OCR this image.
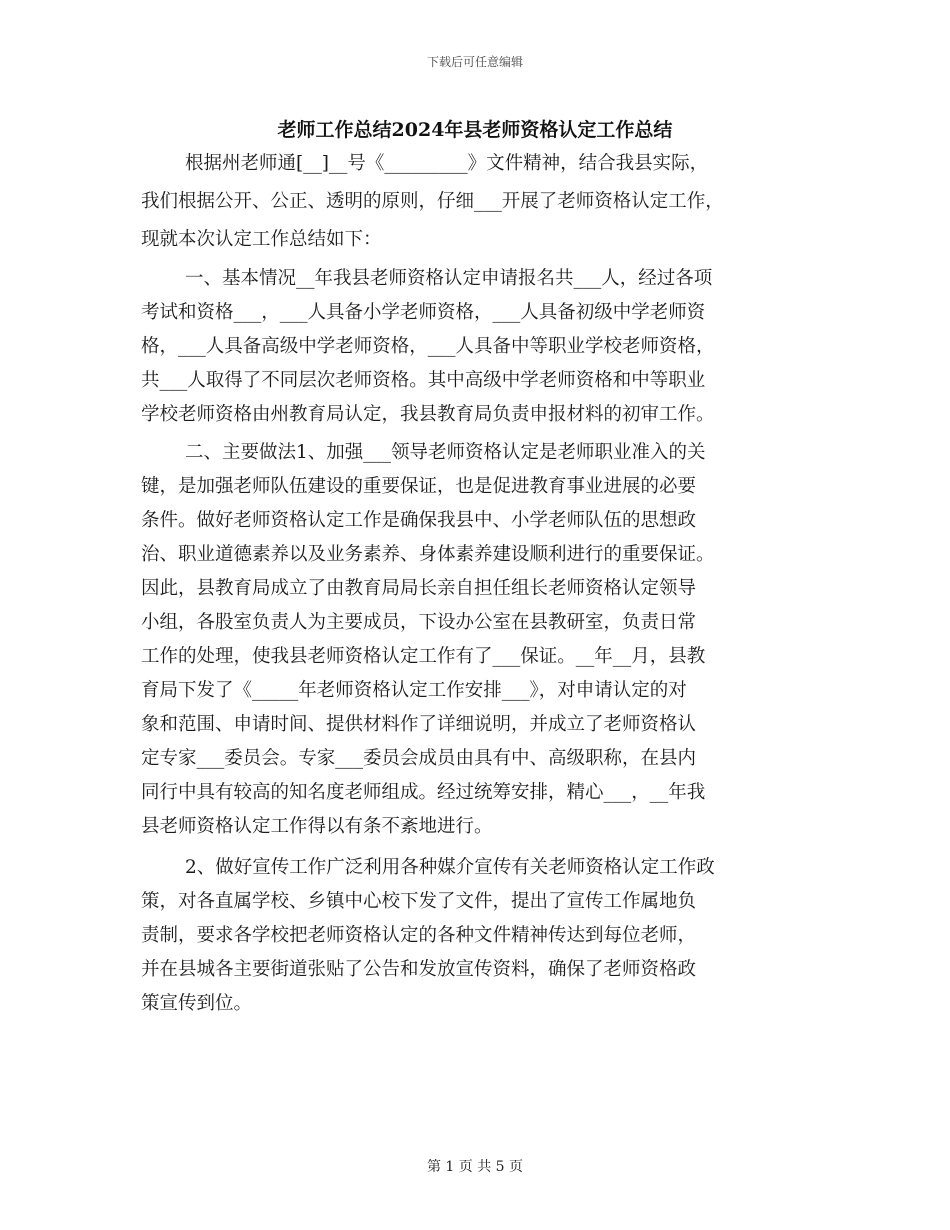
下载后可任意编辑
老师工作总结2024年县老师资格认定工作总结
根据州老师通[__]__号《_________》文件精神，结合我县实际，
我们根据公开、公正、透明的原则，仔细___开展了老师资格认定工作，
现就本次认定工作总结如下：
一、基本情况__年我县老师资格认定申请报名共___人，经过各项
考试和资格___，___人具备小学老师资格，___人具备初级中学老师资
格，___人具备高级中学老师资格，___人具备中等职业学校老师资格，
共___人取得了不同层次老师资格。其中高级中学老师资格和中等职业
学校老师资格由州教育局认定，我县教育局负责申报材料的初审工作。
二、主要做法1、加强___领导老师资格认定是老师职业准入的关
键，是加强老师队伍建设的重要保证，也是促进教育事业进展的必要
条件。做好老师资格认定工作是确保我县中、小学老师队伍的思想政
治、职业道德素养以及业务素养、身体素养建设顺利进行的重要保证。
因此，县教育局成立了由教育局局长亲自担任组长老师资格认定领导
小组，各股室负责人为主要成员，下设办公室在县教研室，负责日常
工作的处理，使我县老师资格认定工作有了___保证。__年__月，县教
育局下发了《_____年老师资格认定工作安排___》，对申请认定的对
象和范围、申请时间、提供材料作了详细说明，并成立了老师资格认
定专家___委员会。专家___委员会成员由具有中、高级职称，在县内
同行中具有较高的知名度老师组成。经过统筹安排，精心___，__年我
县老师资格认定工作得以有条不紊地进行。
2、做好宣传工作广泛利用各种媒介宣传有关老师资格认定工作政
策，对各直属学校、乡镇中心校下发了文件，提出了宣传工作属地负
责制，要求各学校把老师资格认定的各种文件精神传达到每位老师，
并在县城各主要街道张贴了公告和发放宣传资料，确保了老师资格政
策宣传到位。
第 1 页 共 5 页
